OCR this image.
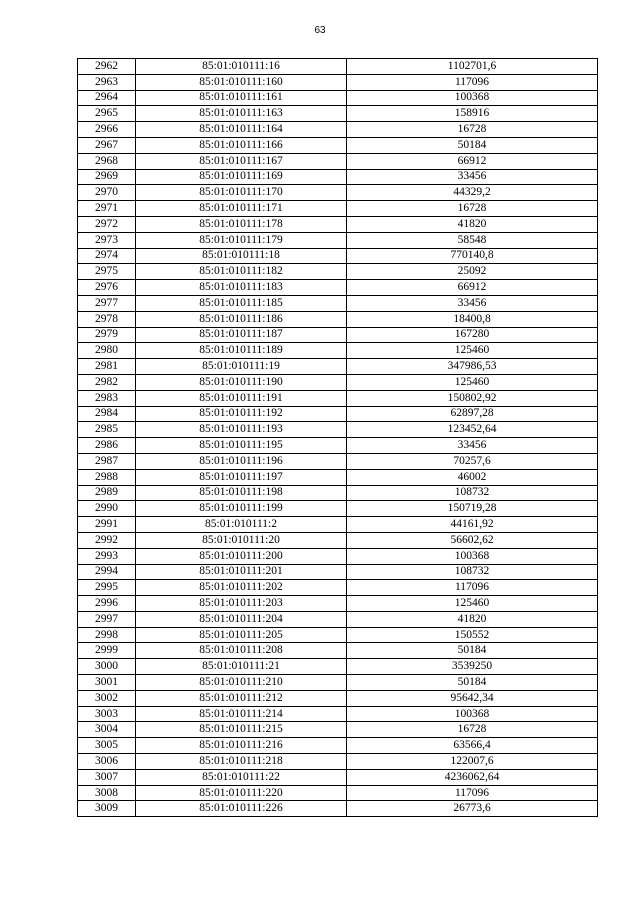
63
2962	85:01:010111:16	1102701,6
2963	85:01:010111:160	117096
2964	85:01:010111:161	100368
2965	85:01:010111:163	158916
2966	85:01:010111:164	16728
2967	85:01:010111:166	50184
2968	85:01:010111:167	66912
2969	85:01:010111:169	33456
2970	85:01:010111:170	44329,2
2971	85:01:010111:171	16728
2972	85:01:010111:178	41820
2973	85:01:010111:179	58548
2974	85:01:010111:18	770140,8
2975	85:01:010111:182	25092
2976	85:01:010111:183	66912
2977	85:01:010111:185	33456
2978	85:01:010111:186	18400,8
2979	85:01:010111:187	167280
2980	85:01:010111:189	125460
2981	85:01:010111:19	347986,53
2982	85:01:010111:190	125460
2983	85:01:010111:191	150802,92
2984	85:01:010111:192	62897,28
2985	85:01:010111:193	123452,64
2986	85:01:010111:195	33456
2987	85:01:010111:196	70257,6
2988	85:01:010111:197	46002
2989	85:01:010111:198	108732
2990	85:01:010111:199	150719,28
2991	85:01:010111:2	44161,92
2992	85:01:010111:20	56602,62
2993	85:01:010111:200	100368
2994	85:01:010111:201	108732
2995	85:01:010111:202	117096
2996	85:01:010111:203	125460
2997	85:01:010111:204	41820
2998	85:01:010111:205	150552
2999	85:01:010111:208	50184
3000	85:01:010111:21	3539250
3001	85:01:010111:210	50184
3002	85:01:010111:212	95642,34
3003	85:01:010111:214	100368
3004	85:01:010111:215	16728
3005	85:01:010111:216	63566,4
3006	85:01:010111:218	122007,6
3007	85:01:010111:22	4236062,64
3008	85:01:010111:220	117096
3009	85:01:010111:226	26773,6
